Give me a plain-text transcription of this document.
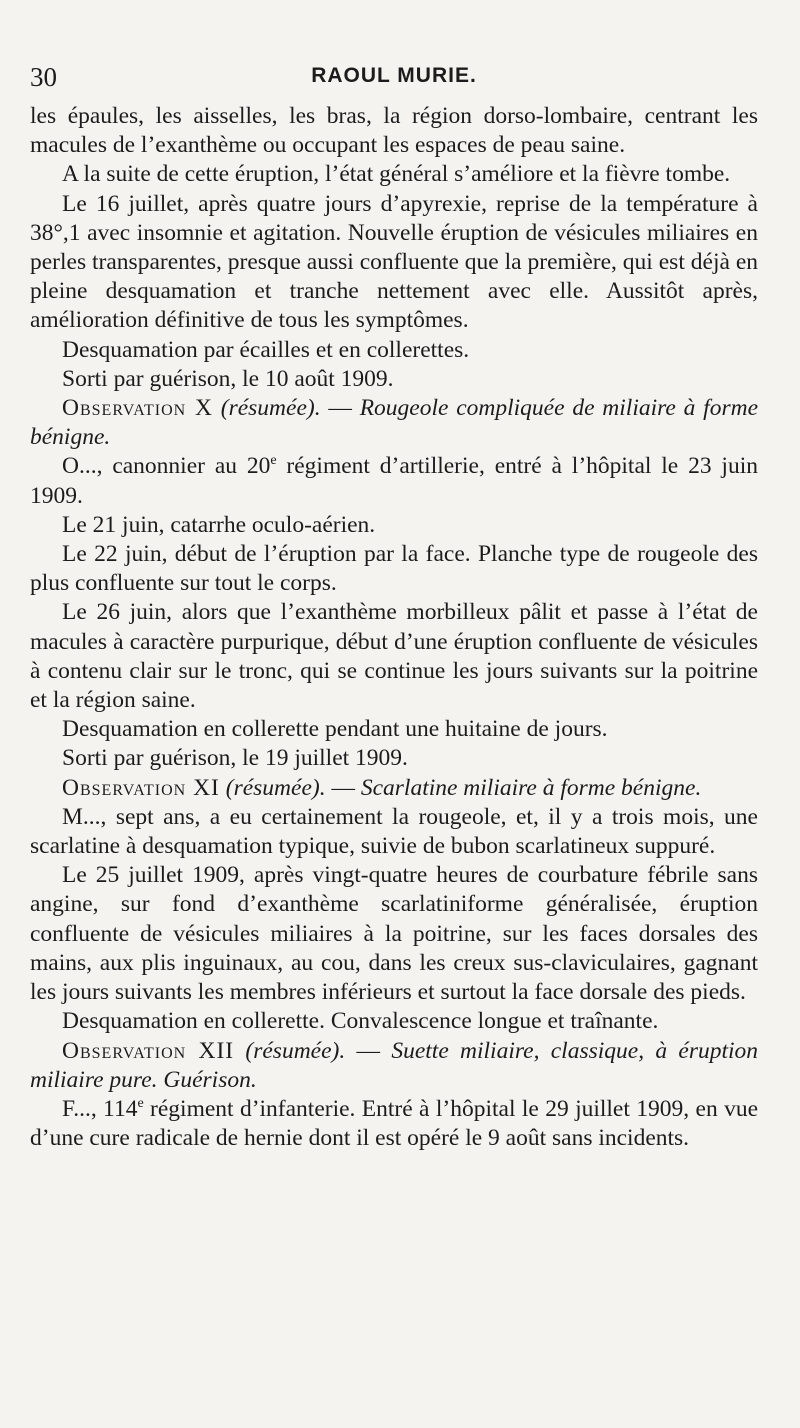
30	RAOUL MURIE.

les épaules, les aisselles, les bras, la région dorso-lombaire, centrant les macules de l’exanthème ou occupant les espaces de peau saine.

A la suite de cette éruption, l’état général s’améliore et la fièvre tombe.

Le 16 juillet, après quatre jours d’apyrexie, reprise de la température à 38°,1 avec insomnie et agitation. Nouvelle éruption de vésicules miliaires en perles transparentes, presque aussi confluente que la première, qui est déjà en pleine desquamation et tranche nettement avec elle. Aussitôt après, amélioration définitive de tous les symptômes.

Desquamation par écailles et en collerettes.

Sorti par guérison, le 10 août 1909.

Observation X (résumée). — Rougeole compliquée de miliaire à forme bénigne.

O..., canonnier au 20e régiment d’artillerie, entré à l’hôpital le 23 juin 1909.

Le 21 juin, catarrhe oculo-aérien.

Le 22 juin, début de l’éruption par la face. Planche type de rougeole des plus confluente sur tout le corps.

Le 26 juin, alors que l’exanthème morbilleux pâlit et passe à l’état de macules à caractère purpurique, début d’une éruption confluente de vésicules à contenu clair sur le tronc, qui se continue les jours suivants sur la poitrine et la région saine.

Desquamation en collerette pendant une huitaine de jours.

Sorti par guérison, le 19 juillet 1909.

Observation XI (résumée). — Scarlatine miliaire à forme bénigne.

M..., sept ans, a eu certainement la rougeole, et, il y a trois mois, une scarlatine à desquamation typique, suivie de bubon scarlatineux suppuré.

Le 25 juillet 1909, après vingt-quatre heures de courbature fébrile sans angine, sur fond d’exanthème scarlatiniforme généralisée, éruption confluente de vésicules miliaires à la poitrine, sur les faces dorsales des mains, aux plis inguinaux, au cou, dans les creux sus-claviculaires, gagnant les jours suivants les membres inférieurs et surtout la face dorsale des pieds.

Desquamation en collerette. Convalescence longue et traînante.

Observation XII (résumée). — Suette miliaire, classique, à éruption miliaire pure. Guérison.

F..., 114e régiment d’infanterie. Entré à l’hôpital le 29 juillet 1909, en vue d’une cure radicale de hernie dont il est opéré le 9 août sans incidents.
